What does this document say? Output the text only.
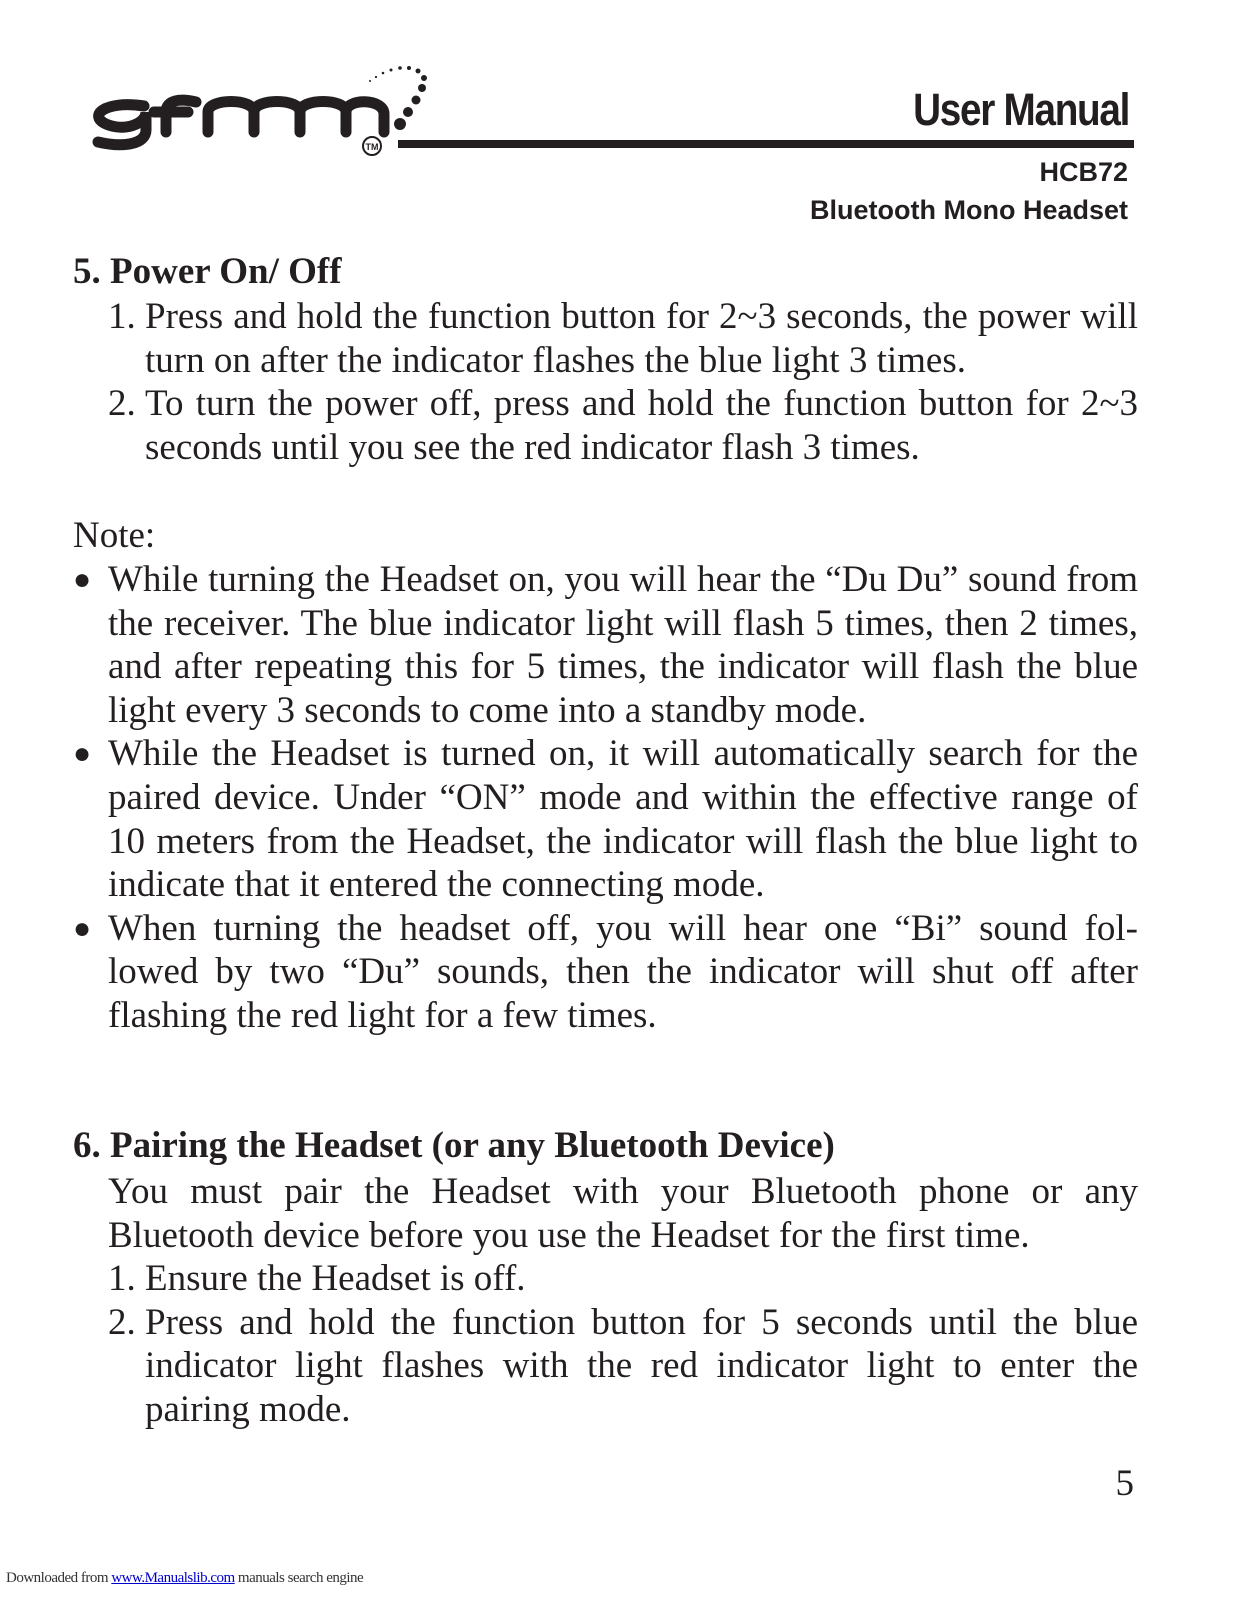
TM
User Manual
HCB72
Bluetooth Mono Headset
5. Power On/ Off
1. Press and hold the function button for 2~3 seconds, the power will turn on after the indicator flashes the blue light 3 times.
2. To turn the power off, press and hold the function button for 2~3 seconds until you see the red indicator flash 3 times.
Note:
● While turning the Headset on, you will hear the “Du Du” sound from the receiver. The blue indicator light will flash 5 times, then 2 times, and after repeating this for 5 times, the indicator will flash the blue light every 3 seconds to come into a standby mode.
● While the Headset is turned on, it will automatically search for the paired device. Under “ON” mode and within the effective range of 10 meters from the Headset, the indicator will flash the blue light to indicate that it entered the connecting mode.
● When turning the headset off, you will hear one “Bi” sound fol-lowed by two “Du” sounds, then the indicator will shut off after flashing the red light for a few times.
6. Pairing the Headset (or any Bluetooth Device)
You must pair the Headset with your Bluetooth phone or any Bluetooth device before you use the Headset for the first time.
1. Ensure the Headset is off.
2. Press and hold the function button for 5 seconds until the blue indicator light flashes with the red indicator light to enter the pairing mode.
5
Downloaded from www.Manualslib.com manuals search engine
